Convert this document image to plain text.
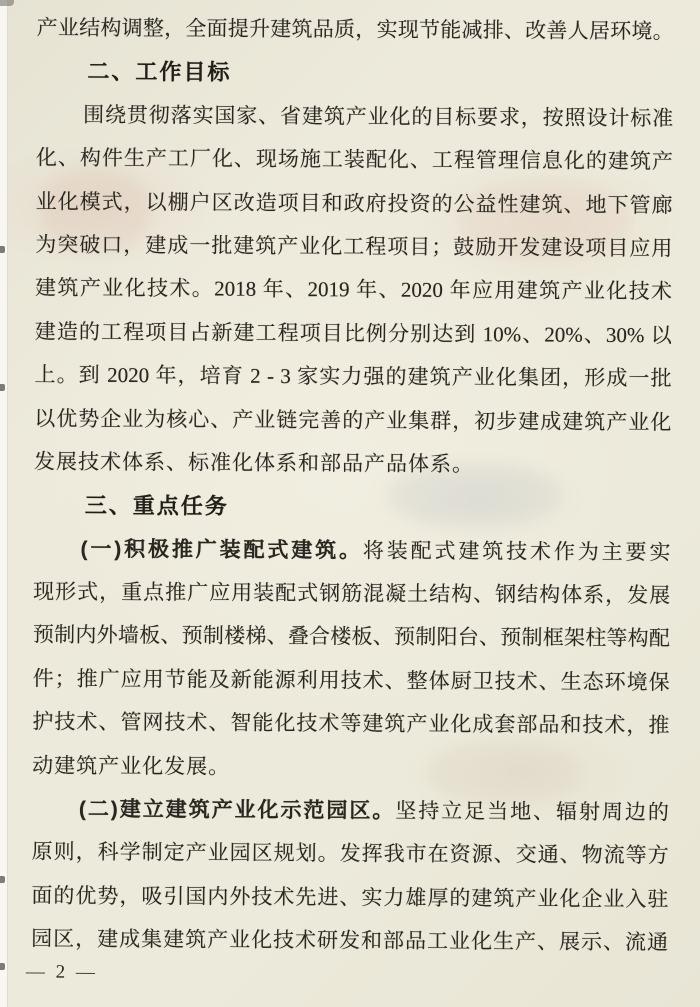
产业结构调整，全面提升建筑品质，实现节能减排、改善人居环境。
二、工作目标
围绕贯彻落实国家、省建筑产业化的目标要求，按照设计标准
化、构件生产工厂化、现场施工装配化、工程管理信息化的建筑产
业化模式，以棚户区改造项目和政府投资的公益性建筑、地下管廊
为突破口，建成一批建筑产业化工程项目；鼓励开发建设项目应用
建筑产业化技术。2018 年、2019 年、2020 年应用建筑产业化技术
建造的工程项目占新建工程项目比例分别达到 10%、20%、30% 以
上。到 2020 年，培育 2 - 3 家实力强的建筑产业化集团，形成一批
以优势企业为核心、产业链完善的产业集群，初步建成建筑产业化
发展技术体系、标准化体系和部品产品体系。
三、重点任务
(一)积极推广装配式建筑。将装配式建筑技术作为主要实
现形式，重点推广应用装配式钢筋混凝土结构、钢结构体系，发展
预制内外墙板、预制楼梯、叠合楼板、预制阳台、预制框架柱等构配
件；推广应用节能及新能源利用技术、整体厨卫技术、生态环境保
护技术、管网技术、智能化技术等建筑产业化成套部品和技术，推
动建筑产业化发展。
(二)建立建筑产业化示范园区。坚持立足当地、辐射周边的
原则，科学制定产业园区规划。发挥我市在资源、交通、物流等方
面的优势，吸引国内外技术先进、实力雄厚的建筑产业化企业入驻
园区，建成集建筑产业化技术研发和部品工业化生产、展示、流通
— 2 —
